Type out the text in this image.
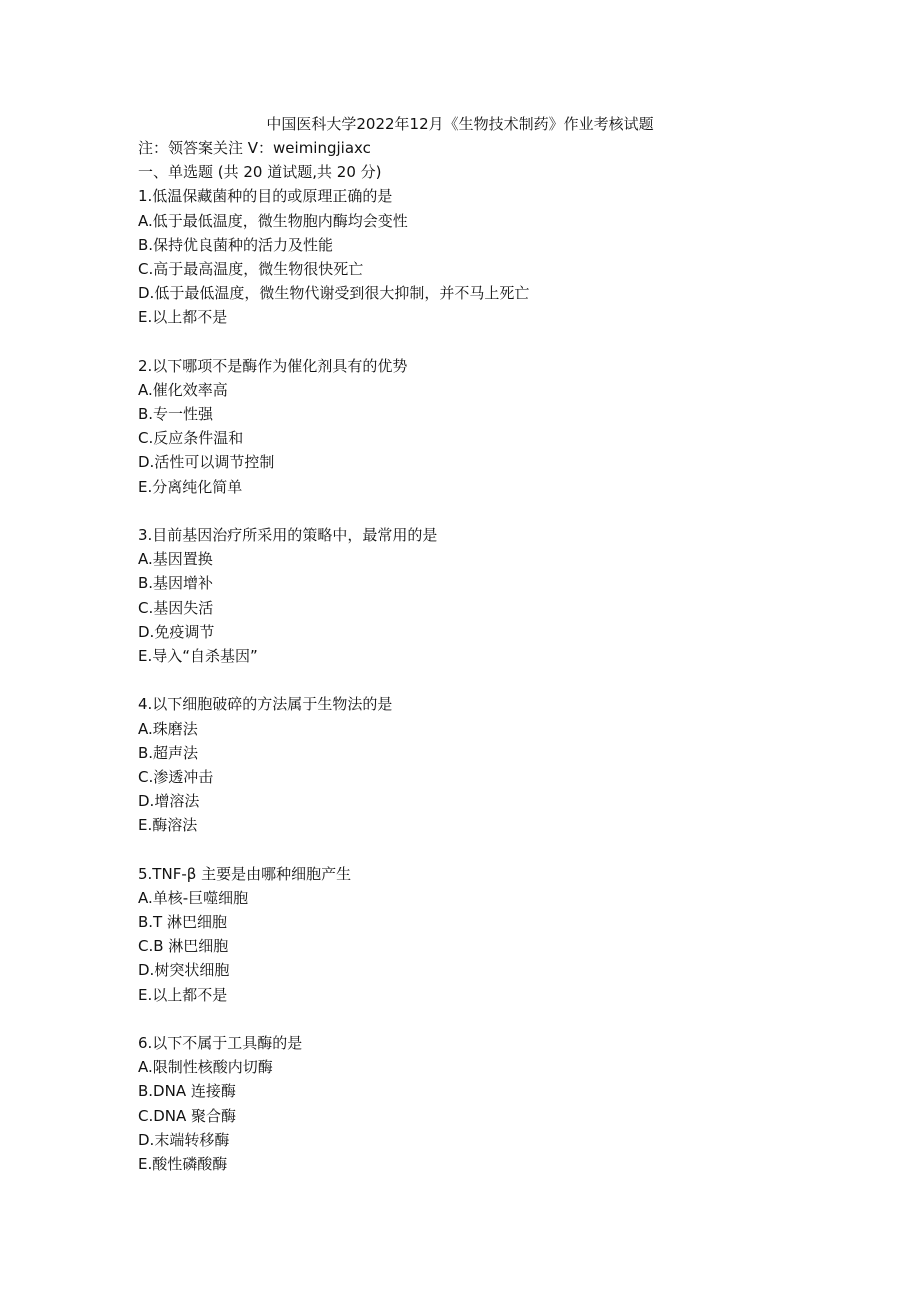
中国医科大学2022年12月《生物技术制药》作业考核试题
注：领答案关注 V：weimingjiaxc
一、单选题 (共 20 道试题,共 20 分)
1.低温保藏菌种的目的或原理正确的是
A.低于最低温度，微生物胞内酶均会变性
B.保持优良菌种的活力及性能
C.高于最高温度，微生物很快死亡
D.低于最低温度，微生物代谢受到很大抑制，并不马上死亡
E.以上都不是
2.以下哪项不是酶作为催化剂具有的优势
A.催化效率高
B.专一性强
C.反应条件温和
D.活性可以调节控制
E.分离纯化简单
3.目前基因治疗所采用的策略中，最常用的是
A.基因置换
B.基因增补
C.基因失活
D.免疫调节
E.导入“自杀基因”
4.以下细胞破碎的方法属于生物法的是
A.珠磨法
B.超声法
C.渗透冲击
D.增溶法
E.酶溶法
5.TNF-β 主要是由哪种细胞产生
A.单核-巨噬细胞
B.T 淋巴细胞
C.B 淋巴细胞
D.树突状细胞
E.以上都不是
6.以下不属于工具酶的是
A.限制性核酸内切酶
B.DNA 连接酶
C.DNA 聚合酶
D.末端转移酶
E.酸性磷酸酶
